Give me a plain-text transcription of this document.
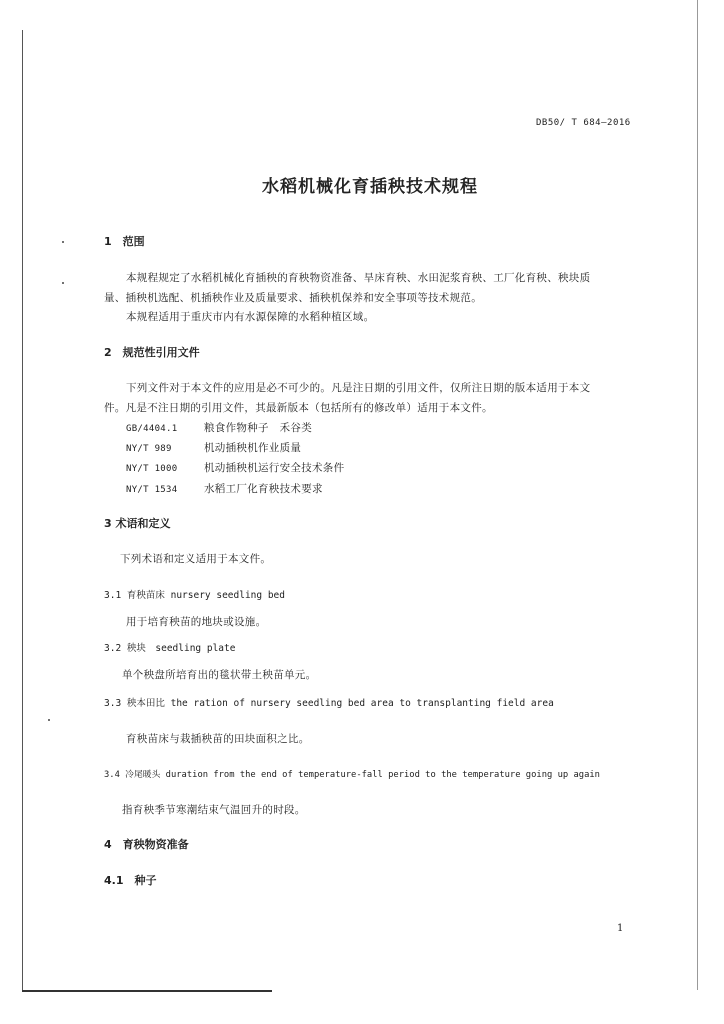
DB50/ T 684—2016
水稻机械化育插秧技术规程
1　范围
本规程规定了水稻机械化育插秧的育秧物资准备、旱床育秧、水田泥浆育秧、工厂化育秧、秧块质
量、插秧机选配、机插秧作业及质量要求、插秧机保养和安全事项等技术规范。
本规程适用于重庆市内有水源保障的水稻种植区域。
2　规范性引用文件
下列文件对于本文件的应用是必不可少的。凡是注日期的引用文件，仅所注日期的版本适用于本文
件。凡是不注日期的引用文件，其最新版本（包括所有的修改单）适用于本文件。
GB/4404.1	粮食作物种子　禾谷类
NY/T 989	机动插秧机作业质量
NY/T 1000	机动插秧机运行安全技术条件
NY/T 1534	水稻工厂化育秧技术要求
3 术语和定义
下列术语和定义适用于本文件。
3.1 育秧苗床 nursery seedling bed
用于培育秧苗的地块或设施。
3.2 秧块　seedling plate
单个秧盘所培育出的毯状带土秧苗单元。
3.3 秧本田比 the ration of nursery seedling bed area to transplanting field area
育秧苗床与栽插秧苗的田块面积之比。
3.4 冷尾暖头 duration from the end of temperature-fall period to the temperature going up again
指育秧季节寒潮结束气温回升的时段。
4　育秧物资准备
4.1　种子
1
